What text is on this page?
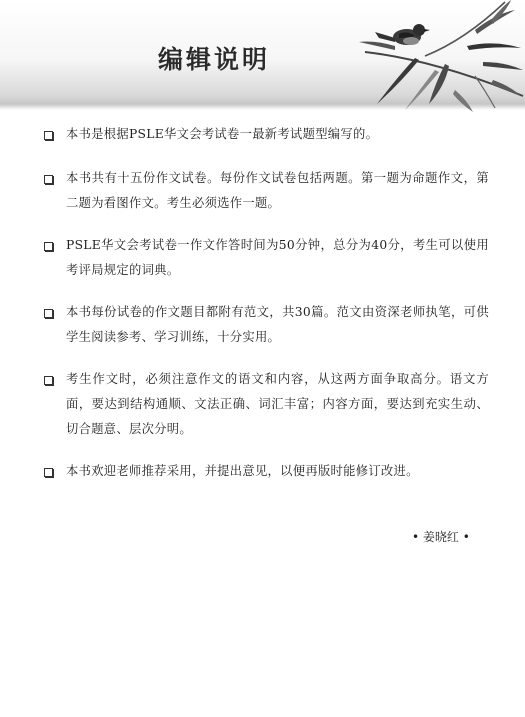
编辑说明
本书是根据PSLE华文会考试卷一最新考试题型编写的。
本书共有十五份作文试卷。每份作文试卷包括两题。第一题为命题作文，第二题为看图作文。考生必须选作一题。
PSLE华文会考试卷一作文作答时间为50分钟，总分为40分，考生可以使用考评局规定的词典。
本书每份试卷的作文题目都附有范文，共30篇。范文由资深老师执笔，可供学生阅读参考、学习训练，十分实用。
考生作文时，必须注意作文的语文和内容，从这两方面争取高分。语文方面，要达到结构通顺、文法正确、词汇丰富；内容方面，要达到充实生动、切合题意、层次分明。
本书欢迎老师推荐采用，并提出意见，以便再版时能修订改进。
• 姜晓红 •
